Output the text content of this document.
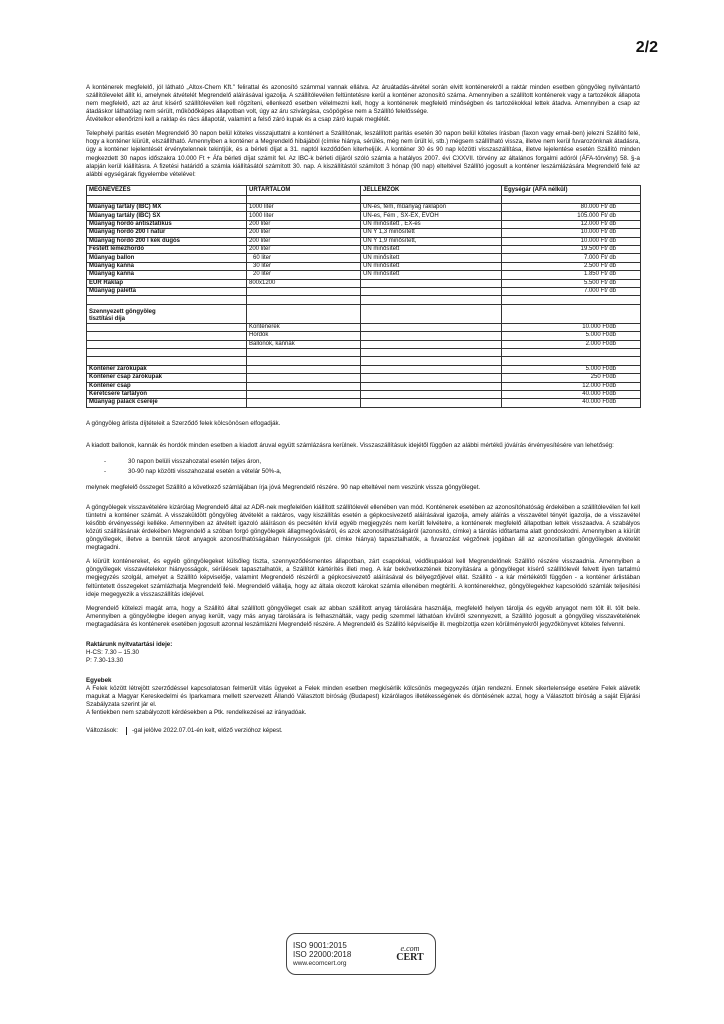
2/2

A konténerek megfelelő, jól látható „Altox-Chem Kft." felirattal és azonosító számmal vannak ellátva. Az áruátadás-átvétel során elvitt konténerekről a raktár minden esetben göngyöleg nyilvántartó szállítólevelet állít ki, amelynek átvételét Megrendelő aláírásával igazolja. A szállítólevélen feltüntetésre kerül a konténer azonosító száma. Amennyiben a szállított konténerek vagy a tartozékok állapota nem megfelelő, azt az árut kísérő szállítólevélen kell rögzíteni, ellenkező esetben vélelmezni kell, hogy a konténerek megfelelő minőségben és tartozékokkal lettek átadva. Amennyiben a csap az átadáskor láthatólag nem sérült, működőképes állapotban volt, úgy az áru szivárgása, csöpögése nem a Szállító felelőssége.

Átvételkor ellenőrizni kell a raklap és rács állapotát, valamint a felső záró kupak és a csap záró kupak meglétét.

Telephelyi paritás esetén Megrendelő 30 napon belül köteles visszajuttatni a konténert a Szállítónak, leszállított paritás esetén 30 napon belül köteles írásban (faxon vagy email-ben) jelezni Szállító felé, hogy a konténer kiürült, elszállítható. Amennyiben a konténer a Megrendelő hibájából (címke hiánya, sérülés, még nem ürült ki, stb.) mégsem szállítható vissza, illetve nem kerül fuvarozónknak átadásra, úgy a konténer lejelentését érvénytelennek tekintjük, és a bérleti díjat a 31. naptól kezdődően kiterheljük. A konténer 30 és 90 nap közötti visszaszállítása, illetve lejelentése esetén Szállító minden megkezdett 30 napos időszakra 10.000 Ft + Áfa bérleti díjat számít fel. Az IBC-k bérleti díjáról szóló számla a hatályos 2007. évi CXXVII. törvény az általános forgalmi adóról (ÁFA-törvény) 58. §-a alapján kerül kiállításra. A fizetési határidő a számla kiállításától számított 30. nap. A kiszállítástól számított 3 hónap (90 nap) elteltével Szállító jogosult a konténer leszámlázására Megrendelő felé az alábbi egységárak figyelembe vételével:

MEGNEVEZÉS	ŰRTARTALOM	JELLEMZŐK	Egységár (ÁFA nélkül)

Műanyag tartály (IBC) MX	1000 liter	UN-es, fém, műanyag raklapon	80.000 Ft/ db
Műanyag tartály (IBC) SX	1000 liter	UN-es, Fém , SX-EX, EVOH	105.000 Ft/ db
Műanyag hordó antisztatikus	200 liter	UN minősített , EX-es	12.000 Ft/ db
Műanyag hordó 200 l natúr	200 liter	UN Y 1,3 minősített	10.000 Ft/ db
Műanyag hordó 200 l kék dugós	200 liter	UN Y 1,9 minősített,	10.000 Ft/ db
Festett lemezhordó	200 liter	UN minősített	19.500 Ft/ db
Műanyag ballon	60 liter	UN minősített	7.000 Ft/ db
Műanyag kanna	30 liter	UN minősített	2.500 Ft/ db
Műanyag kanna	20 liter	UN minősített	1.850 Ft/ db
EUR Raklap	800x1200		5.500 Ft/ db
Műanyag paletta			7.000 Ft/ db

Szennyezett göngyöleg tisztítási díja			
	Konténerek		10.000 Ft/db
	Hordók		5.000 Ft/db
	Ballonok, kannák		2.000 Ft/db

Konténer zárókupak			5.000 Ft/db
Konténer csap zárókupak			250 Ft/db
Konténer csap			12.000 Ft/db
Keretcsere tartályon			40.000 Ft/db
Műanyag palack cseréje			40.000 Ft/db

A göngyöleg árlista díjtételeit a Szerződő felek kölcsönösen elfogadják.

A kiadott ballonok, kannák és hordók minden esetben a kiadott áruval együtt számlázásra kerülnek. Visszaszállításuk idejétől függően az alábbi mértékű jóváírás érvényesítésére van lehetőség:

- 30 napon belüli visszahozatal esetén teljes áron,
- 30-90 nap közötti visszahozatal esetén a vételár 50%-a,

melynek megfelelő összeget Szállító a következő számlájában írja jóvá Megrendelő részére. 90 nap elteltével nem veszünk vissza göngyöleget.

A göngyölegek visszavételére kizárólag Megrendelő által az ADR-nek megfelelően kiállított szállítólevél ellenében van mód. Konténerek esetében az azonosítóhatóság érdekében a szállítólevélen fel kell tüntetni a konténer számát. A visszaküldött göngyöleg átvételét a raktáros, vagy kiszállítás esetén a gépkocsivezető aláírásával igazolja, amely aláírás a visszavétel tényét igazolja, de a visszavétel később érvényességi kelléke. Amennyiben az átvételt igazoló aláíráson és pecsétén kívül egyéb megjegyzés nem került felvételre, a konténerek megfelelő állapotban lettek visszaadva. A szabályos közúti szállításának érdekében Megrendelő a szóban forgó göngyölegek állagmegóvásáról, és azok azonosíthatóságáról (azonosító, címke) a tárolás időtartama alatt gondoskodni. Amennyiben a kiürült göngyölegek, illetve a bennük tárolt anyagok azonosíthatóságában hiányosságok (pl. címke hiánya) tapasztalhatók, a fuvarozást végzőnek jogában áll az azonosítatlan göngyölegek átvételét megtagadni.

A kiürült konténereket, és egyéb göngyölegeket külsőleg tiszta, szennyeződésmentes állapotban, zárt csapokkal, védőkupakkal kell Megrendelőnek Szállító részére visszaadnia. Amennyiben a göngyölegek visszavételekor hiányosságok, sérülések tapasztalhatók, a Szállítót kártérítés illeti meg. A kár bekövetkeztének bizonyítására a göngyöleget kísérő szállítólevél felvett ilyen tartalmú megjegyzés szolgál, amelyet a Szállító képviselője, valamint Megrendelő részéről a gépkocsivezető aláírásával és bélyegzőjével ellát. Szállító - a kár mértékétől függően - a konténer árlistában feltüntetett összegeket számlázhatja Megrendelő felé. Megrendelő vállalja, hogy az általa okozott károkat számla ellenében megtéríti. A konténerekhez, göngyölegekhez kapcsolódó számlák teljesítési ideje megegyezik a visszaszállítás idejével.

Megrendelő kötelezi magát arra, hogy a Szállító által szállított göngyöleget csak az abban szállított anyag tárolására használja, megfelelő helyen tárolja és egyéb anyagot nem tölt ill. tölt bele. Amennyiben a göngyölegbe idegen anyag került, vagy más anyag tárolására is felhasználták, vagy pedig szemmel láthatóan kívülről szennyezett, a Szállító jogosult a göngyöleg visszavételének megtagadására és konténerek esetében jogosult azonnal leszámlázni Megrendelő részére. A Megrendelő és Szállító képviselője ill. megbízottja ezen körülményekről jegyzőkönyvet köteles felvenni.

Raktárunk nyitvatartási ideje:
H-CS: 7.30 – 15.30
P: 7.30-13.30
Egyebek

A Felek között létrejött szerződéssel kapcsolatosan felmerült vitás ügyeket a Felek minden esetben megkísérlik kölcsönös megegyezés útján rendezni. Ennek sikertelensége esetére Felek alávetik magukat a Magyar Kereskedelmi és Iparkamara mellett szervezett Állandó Választott bíróság (Budapest) kizárólagos illetékességének és döntésének azzal, hogy a Választott bíróság a saját Eljárási Szabályzata szerint jár el.

A fentiekben nem szabályozott kérdésekben a Ptk. rendelkezései az irányadóak.
Változások: -gal jelölve 2022.07.01-én kelt, előző verzióhoz képest.
ISO 9001:2015
ISO 22000:2018
www.ecomcert.org
e.com
CERT
